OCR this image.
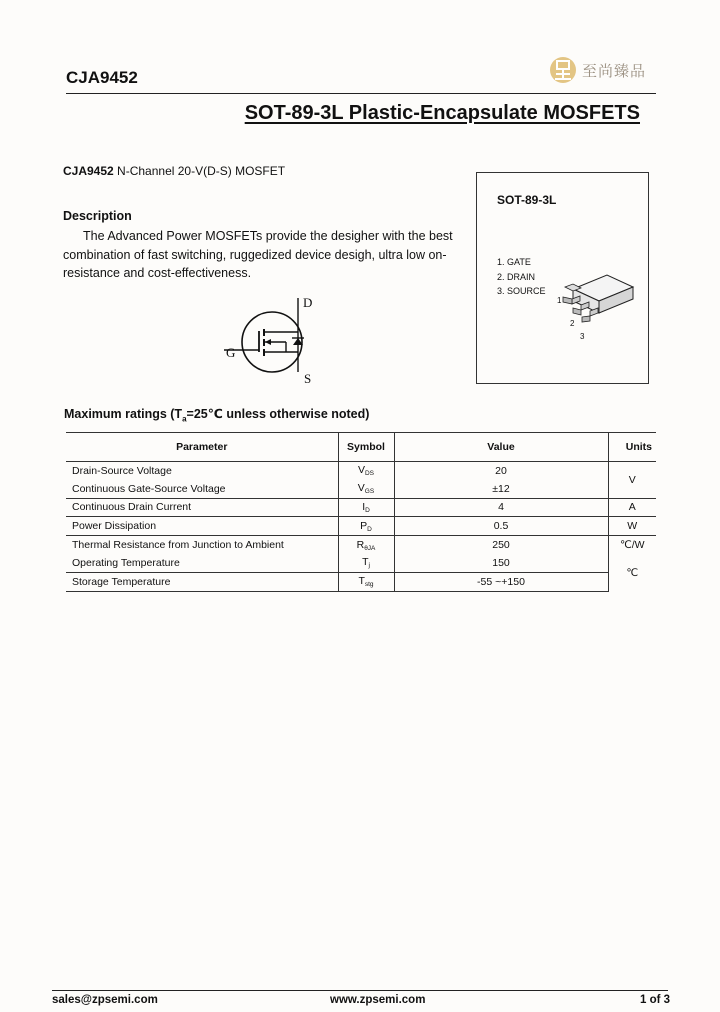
CJA9452	至尚臻品
SOT-89-3L Plastic-Encapsulate MOSFETS
CJA9452 N-Channel 20-V(D-S) MOSFET
Description
The Advanced Power MOSFETs provide the desigher with the best combination of fast switching, ruggedized device desigh, ultra low on- resistance and cost-effectiveness.
D
G
S
SOT-89-3L
1. GATE
2. DRAIN
3. SOURCE
1
2
3
Maximum ratings ($T_a=25℃$ unless otherwise noted)
Parameter	Symbol	Value	Units
Drain-Source Voltage	VDS	20	V
Continuous Gate-Source Voltage	VGS	±12	
Continuous Drain Current	ID	4	A
Power Dissipation	PD	0.5	W
Thermal Resistance from Junction to Ambient	RθJA	250	℃/W
Operating Temperature	Tj	150	℃
Storage Temperature	Tstg	-55 ~+150	
sales@zpsemi.com	www.zpsemi.com	1 of 3
